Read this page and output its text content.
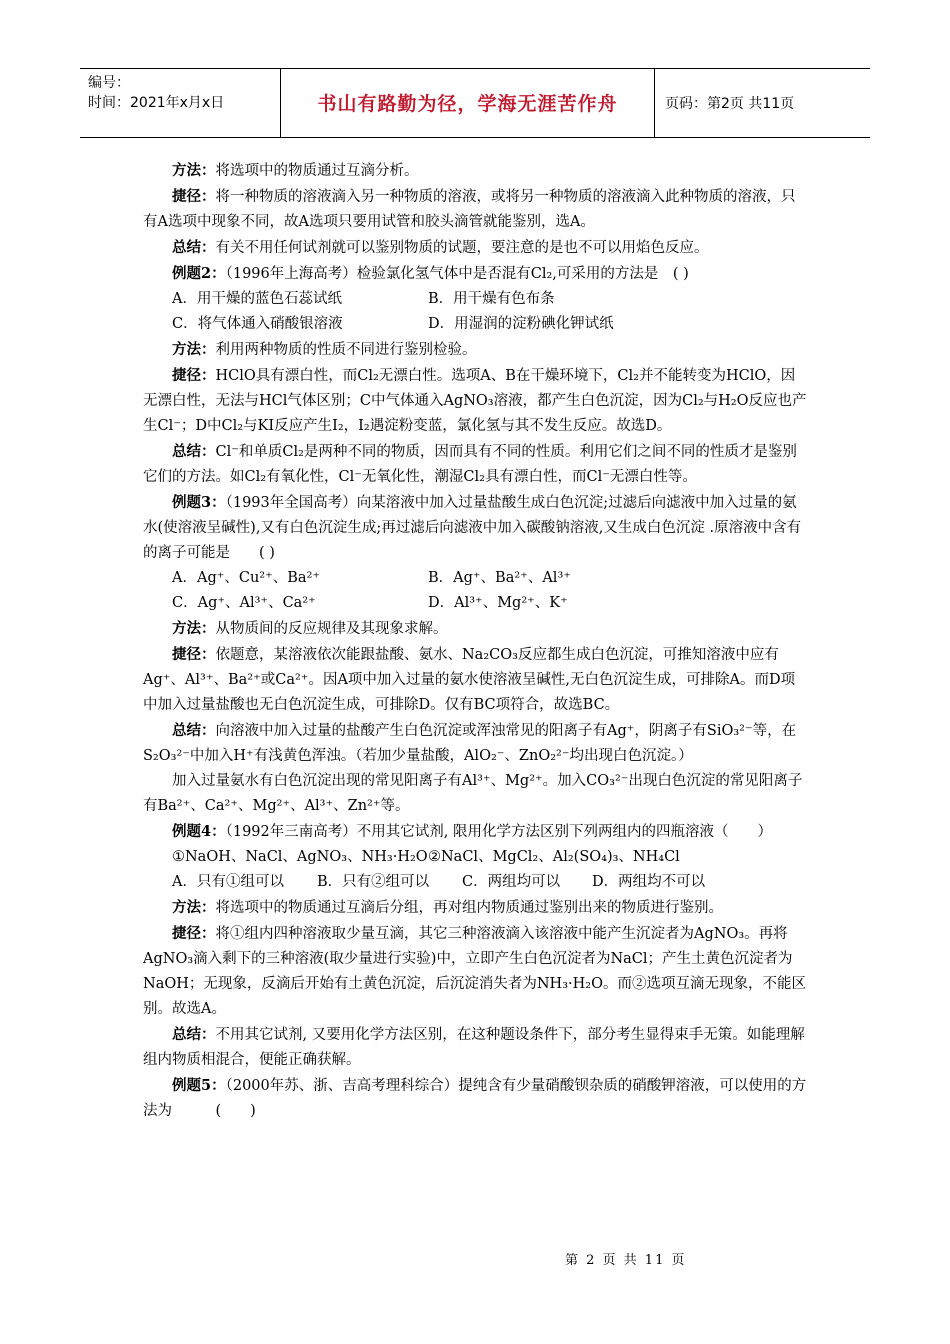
编号：
时间：2021年x月x日	书山有路勤为径，学海无涯苦作舟	页码：第2页 共11页
方法：将选项中的物质通过互滴分析。
捷径：将一种物质的溶液滴入另一种物质的溶液，或将另一种物质的溶液滴入此种物质的溶液，只有A选项中现象不同，故A选项只要用试管和胶头滴管就能鉴别，选A。
总结：有关不用任何试剂就可以鉴别物质的试题，要注意的是也不可以用焰色反应。
例题2：（1996年上海高考）检验氯化氢气体中是否混有Cl₂,可采用的方法是　( )
A．用干燥的蓝色石蕊试纸	B．用干燥有色布条
C．将气体通入硝酸银溶液	D．用湿润的淀粉碘化钾试纸
方法：利用两种物质的性质不同进行鉴别检验。
捷径：HClO具有漂白性，而Cl₂无漂白性。选项A、B在干燥环境下，Cl₂并不能转变为HClO，因无漂白性，无法与HCl气体区别；C中气体通入AgNO₃溶液，都产生白色沉淀，因为Cl₂与H₂O反应也产生Cl⁻；D中Cl₂与KI反应产生I₂，I₂遇淀粉变蓝，氯化氢与其不发生反应。故选D。
总结：Cl⁻和单质Cl₂是两种不同的物质，因而具有不同的性质。利用它们之间不同的性质才是鉴别它们的方法。如Cl₂有氧化性，Cl⁻无氧化性，潮湿Cl₂具有漂白性，而Cl⁻无漂白性等。
例题3：（1993年全国高考）向某溶液中加入过量盐酸生成白色沉淀;过滤后向滤液中加入过量的氨水(使溶液呈碱性),又有白色沉淀生成;再过滤后向滤液中加入碳酸钠溶液,又生成白色沉淀 .原溶液中含有的离子可能是　　( )
A．Ag⁺、Cu²⁺、Ba²⁺	B．Ag⁺、Ba²⁺、Al³⁺
C．Ag⁺、Al³⁺、Ca²⁺	D．Al³⁺、Mg²⁺、K⁺
方法：从物质间的反应规律及其现象求解。
捷径：依题意，某溶液依次能跟盐酸、氨水、Na₂CO₃反应都生成白色沉淀，可推知溶液中应有Ag⁺、Al³⁺、Ba²⁺或Ca²⁺。因A项中加入过量的氨水使溶液呈碱性,无白色沉淀生成，可排除A。而D项中加入过量盐酸也无白色沉淀生成，可排除D。仅有BC项符合，故选BC。
总结：向溶液中加入过量的盐酸产生白色沉淀或浑浊常见的阳离子有Ag⁺，阴离子有SiO₃²⁻等，在S₂O₃²⁻中加入H⁺有浅黄色浑浊。（若加少量盐酸，AlO₂⁻、ZnO₂²⁻均出现白色沉淀。）
加入过量氨水有白色沉淀出现的常见阳离子有Al³⁺、Mg²⁺。加入CO₃²⁻出现白色沉淀的常见阳离子有Ba²⁺、Ca²⁺、Mg²⁺、Al³⁺、Zn²⁺等。
例题4：（1992年三南高考）不用其它试剂, 限用化学方法区别下列两组内的四瓶溶液（　　）
①NaOH、NaCl、AgNO₃、NH₃·H₂O②NaCl、MgCl₂、Al₂(SO₄)₃、NH₄Cl
A．只有①组可以 B．只有②组可以 C．两组均可以 D．两组均不可以
方法：将选项中的物质通过互滴后分组，再对组内物质通过鉴别出来的物质进行鉴别。
捷径：将①组内四种溶液取少量互滴，其它三种溶液滴入该溶液中能产生沉淀者为AgNO₃。再将AgNO₃滴入剩下的三种溶液(取少量进行实验)中，立即产生白色沉淀者为NaCl；产生土黄色沉淀者为NaOH；无现象，反滴后开始有土黄色沉淀，后沉淀消失者为NH₃·H₂O。而②选项互滴无现象，不能区别。故选A。
总结：不用其它试剂, 又要用化学方法区别，在这种题设条件下，部分考生显得束手无策。如能理解组内物质相混合，便能正确获解。
例题5：（2000年苏、浙、吉高考理科综合）提纯含有少量硝酸钡杂质的硝酸钾溶液，可以使用的方法为　　　(　　)
第 2 页 共 11 页
